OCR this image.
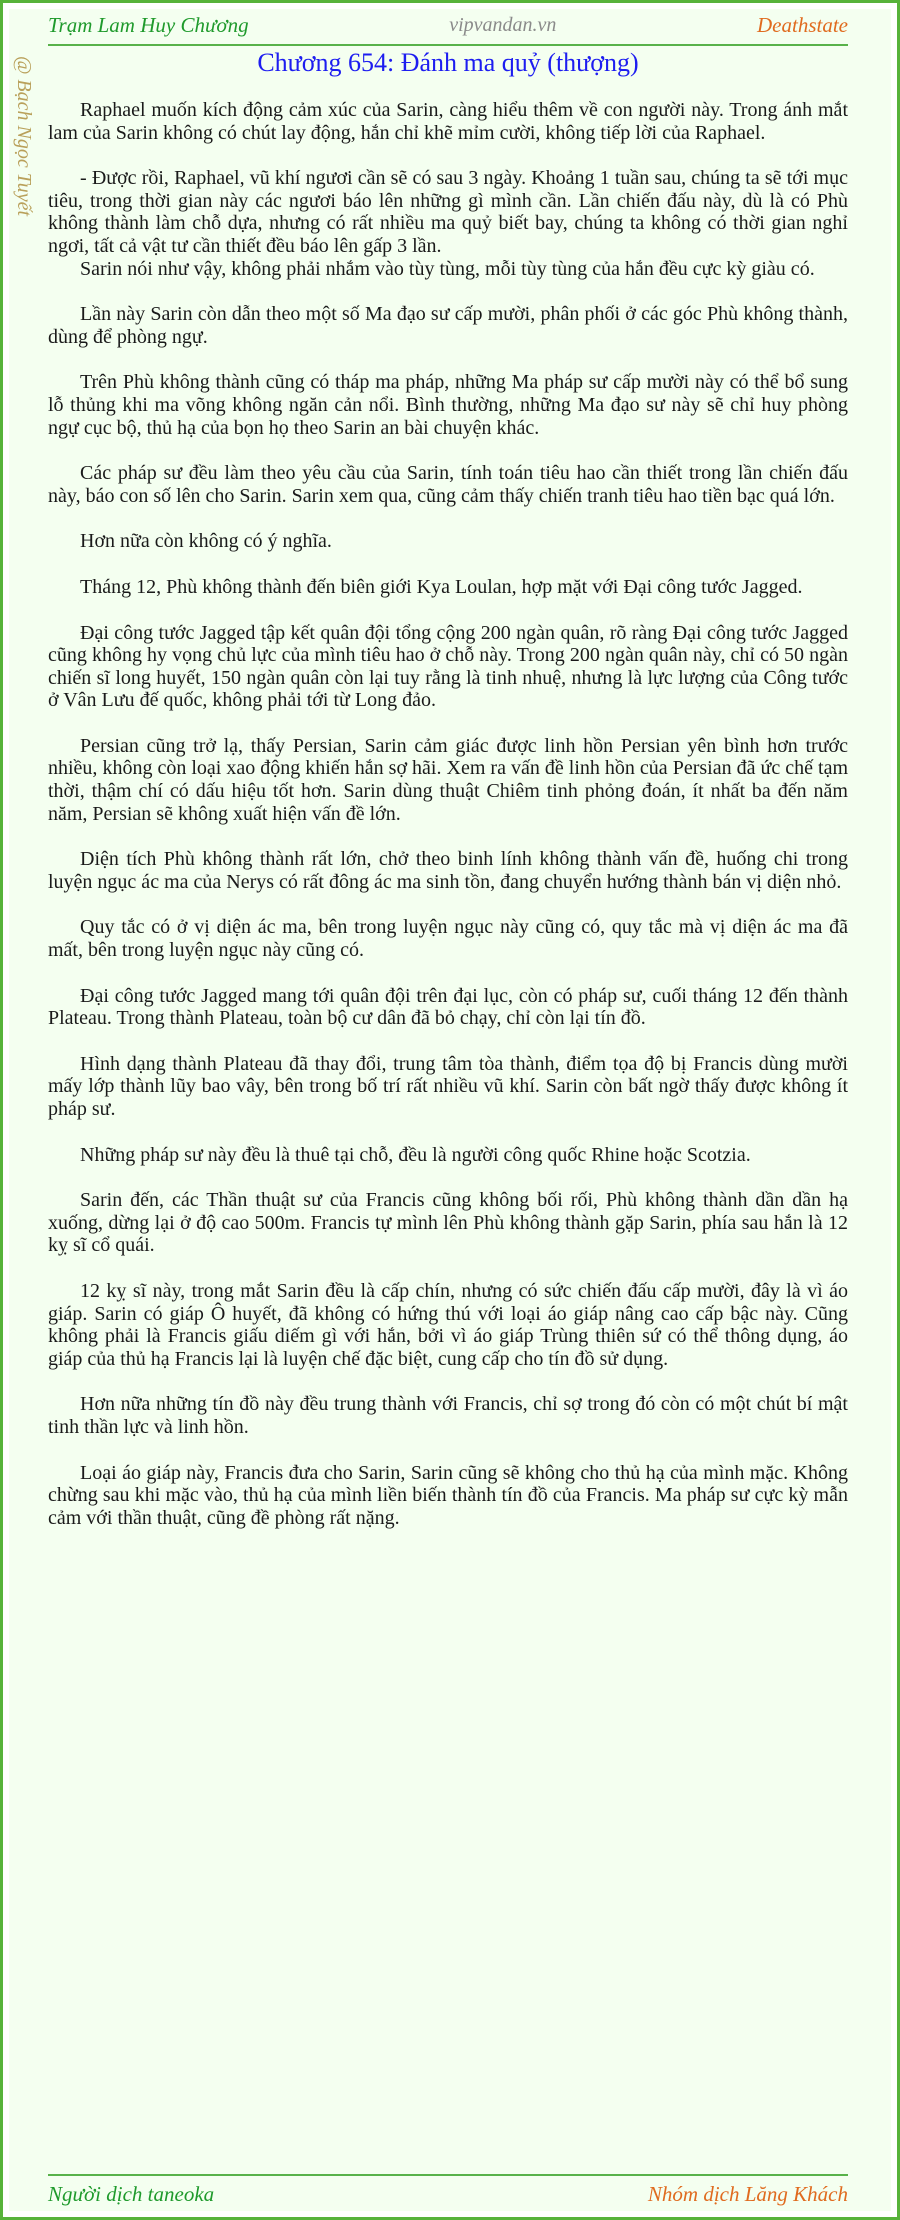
Trạm Lam Huy Chương	vipvandan.vn	Deathstate
@ Bạch Ngọc Tuyết	Chương 654: Đánh ma quỷ (thượng)

Raphael muốn kích động cảm xúc của Sarin, càng hiểu thêm về con người này. Trong ánh mắt lam của Sarin không có chút lay động, hắn chỉ khẽ mỉm cười, không tiếp lời của Raphael.

- Được rồi, Raphael, vũ khí ngươi cần sẽ có sau 3 ngày. Khoảng 1 tuần sau, chúng ta sẽ tới mục tiêu, trong thời gian này các ngươi báo lên những gì mình cần. Lần chiến đấu này, dù là có Phù không thành làm chỗ dựa, nhưng có rất nhiều ma quỷ biết bay, chúng ta không có thời gian nghỉ ngơi, tất cả vật tư cần thiết đều báo lên gấp 3 lần.

Sarin nói như vậy, không phải nhắm vào tùy tùng, mỗi tùy tùng của hắn đều cực kỳ giàu có.

Lần này Sarin còn dẫn theo một số Ma đạo sư cấp mười, phân phối ở các góc Phù không thành, dùng để phòng ngự.

Trên Phù không thành cũng có tháp ma pháp, những Ma pháp sư cấp mười này có thể bổ sung lỗ thủng khi ma võng không ngăn cản nổi. Bình thường, những Ma đạo sư này sẽ chỉ huy phòng ngự cục bộ, thủ hạ của bọn họ theo Sarin an bài chuyện khác.

Các pháp sư đều làm theo yêu cầu của Sarin, tính toán tiêu hao cần thiết trong lần chiến đấu này, báo con số lên cho Sarin. Sarin xem qua, cũng cảm thấy chiến tranh tiêu hao tiền bạc quá lớn.

Hơn nữa còn không có ý nghĩa.

Tháng 12, Phù không thành đến biên giới Kya Loulan, hợp mặt với Đại công tước Jagged.

Đại công tước Jagged tập kết quân đội tổng cộng 200 ngàn quân, rõ ràng Đại công tước Jagged cũng không hy vọng chủ lực của mình tiêu hao ở chỗ này. Trong 200 ngàn quân này, chỉ có 50 ngàn chiến sĩ long huyết, 150 ngàn quân còn lại tuy rằng là tinh nhuệ, nhưng là lực lượng của Công tước ở Vân Lưu đế quốc, không phải tới từ Long đảo.

Persian cũng trở lạ, thấy Persian, Sarin cảm giác được linh hồn Persian yên bình hơn trước nhiều, không còn loại xao động khiến hắn sợ hãi. Xem ra vấn đề linh hồn của Persian đã ức chế tạm thời, thậm chí có dấu hiệu tốt hơn. Sarin dùng thuật Chiêm tinh phỏng đoán, ít nhất ba đến năm năm, Persian sẽ không xuất hiện vấn đề lớn.

Diện tích Phù không thành rất lớn, chở theo binh lính không thành vấn đề, huống chi trong luyện ngục ác ma của Nerys có rất đông ác ma sinh tồn, đang chuyển hướng thành bán vị diện nhỏ.

Quy tắc có ở vị diện ác ma, bên trong luyện ngục này cũng có, quy tắc mà vị diện ác ma đã mất, bên trong luyện ngục này cũng có.

Đại công tước Jagged mang tới quân đội trên đại lục, còn có pháp sư, cuối tháng 12 đến thành Plateau. Trong thành Plateau, toàn bộ cư dân đã bỏ chạy, chỉ còn lại tín đồ.

Hình dạng thành Plateau đã thay đổi, trung tâm tòa thành, điểm tọa độ bị Francis dùng mười mấy lớp thành lũy bao vây, bên trong bố trí rất nhiều vũ khí. Sarin còn bất ngờ thấy được không ít pháp sư.

Những pháp sư này đều là thuê tại chỗ, đều là người công quốc Rhine hoặc Scotzia.

Sarin đến, các Thần thuật sư của Francis cũng không bối rối, Phù không thành dần dần hạ xuống, dừng lại ở độ cao 500m. Francis tự mình lên Phù không thành gặp Sarin, phía sau hắn là 12 kỵ sĩ cổ quái.

12 kỵ sĩ này, trong mắt Sarin đều là cấp chín, nhưng có sức chiến đấu cấp mười, đây là vì áo giáp. Sarin có giáp Ô huyết, đã không có hứng thú với loại áo giáp nâng cao cấp bậc này. Cũng không phải là Francis giấu diếm gì với hắn, bởi vì áo giáp Trùng thiên sứ có thể thông dụng, áo giáp của thủ hạ Francis lại là luyện chế đặc biệt, cung cấp cho tín đồ sử dụng.

Hơn nữa những tín đồ này đều trung thành với Francis, chỉ sợ trong đó còn có một chút bí mật tinh thần lực và linh hồn.

Loại áo giáp này, Francis đưa cho Sarin, Sarin cũng sẽ không cho thủ hạ của mình mặc. Không chừng sau khi mặc vào, thủ hạ của mình liền biến thành tín đồ của Francis. Ma pháp sư cực kỳ mẫn cảm với thần thuật, cũng đề phòng rất nặng.

Người dịch taneoka	Nhóm dịch Lăng Khách
